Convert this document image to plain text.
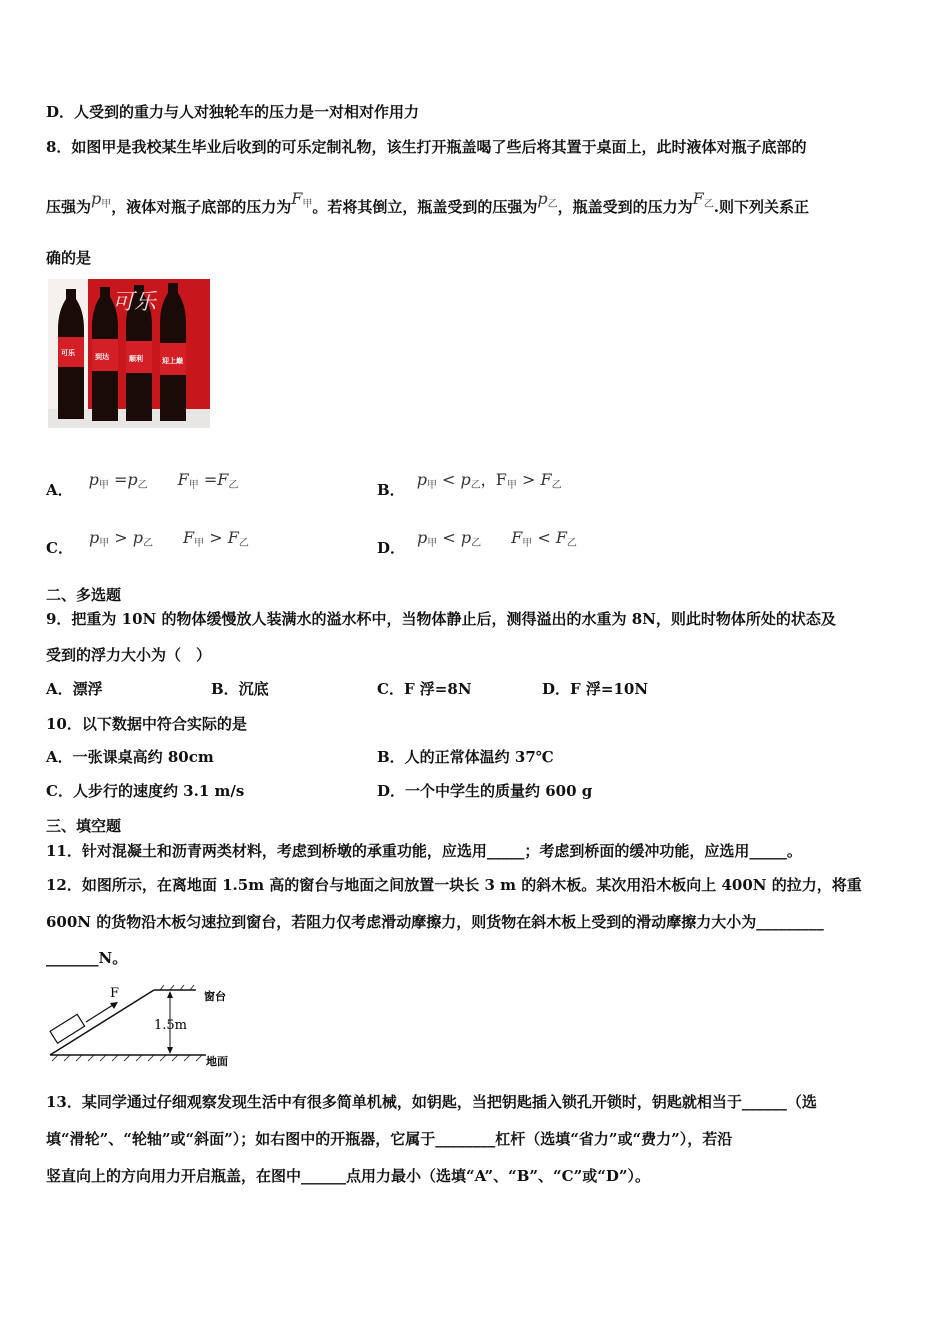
D．人受到的重力与人对独轮车的压力是一对相对作用力
8．如图甲是我校某生毕业后收到的可乐定制礼物，该生打开瓶盖喝了些后将其置于桌面上，此时液体对瓶子底部的
压强为$p_甲$，液体对瓶子底部的压力为$F_甲$。若将其倒立，瓶盖受到的压强为$p_乙$，瓶盖受到的压力为$F_乙$.则下列关系正
确的是
可乐	到达	顺利	迎上巅
可乐
A．$p_甲 =p_乙$ $F_甲 =F_乙$	B．$p_甲 < p_乙$，$F_甲 > F_乙$
C．$p_甲 > p_乙$ $F_甲 > F_乙$	D．$p_甲 < p_乙$ $F_甲 < F_乙$
二、多选题
9．把重为 10N 的物体缓慢放人装满水的溢水杯中，当物体静止后，测得溢出的水重为 8N，则此时物体所处的状态及
受到的浮力大小为（　）
A．漂浮	B．沉底	C．F 浮=8N	D．F 浮=10N
10．以下数据中符合实际的是
A．一张课桌高约 80cm	B．人的正常体温约 37℃
C．人步行的速度约 3.1 m/s	D．一个中学生的质量约 600 g
三、填空题
11．针对混凝土和沥青两类材料，考虑到桥墩的承重功能，应选用_____；考虑到桥面的缓冲功能，应选用_____。
12．如图所示，在离地面 1.5m 高的窗台与地面之间放置一块长 3 m 的斜木板。某次用沿木板向上 400N 的拉力，将重
600N 的货物沿木板匀速拉到窗台，若阻力仅考虑滑动摩擦力，则货物在斜木板上受到的滑动摩擦力大小为_________
_______N。
F
1.5m
窗台
地面
13．某同学通过仔细观察发现生活中有很多简单机械，如钥匙，当把钥匙插入锁孔开锁时，钥匙就相当于______（选
填“滑轮”、“轮轴”或“斜面”）；如右图中的开瓶器，它属于________杠杆（选填“省力”或“费力”），若沿
竖直向上的方向用力开启瓶盖，在图中______点用力最小（选填“A”、“B”、“C”或“D”）。
